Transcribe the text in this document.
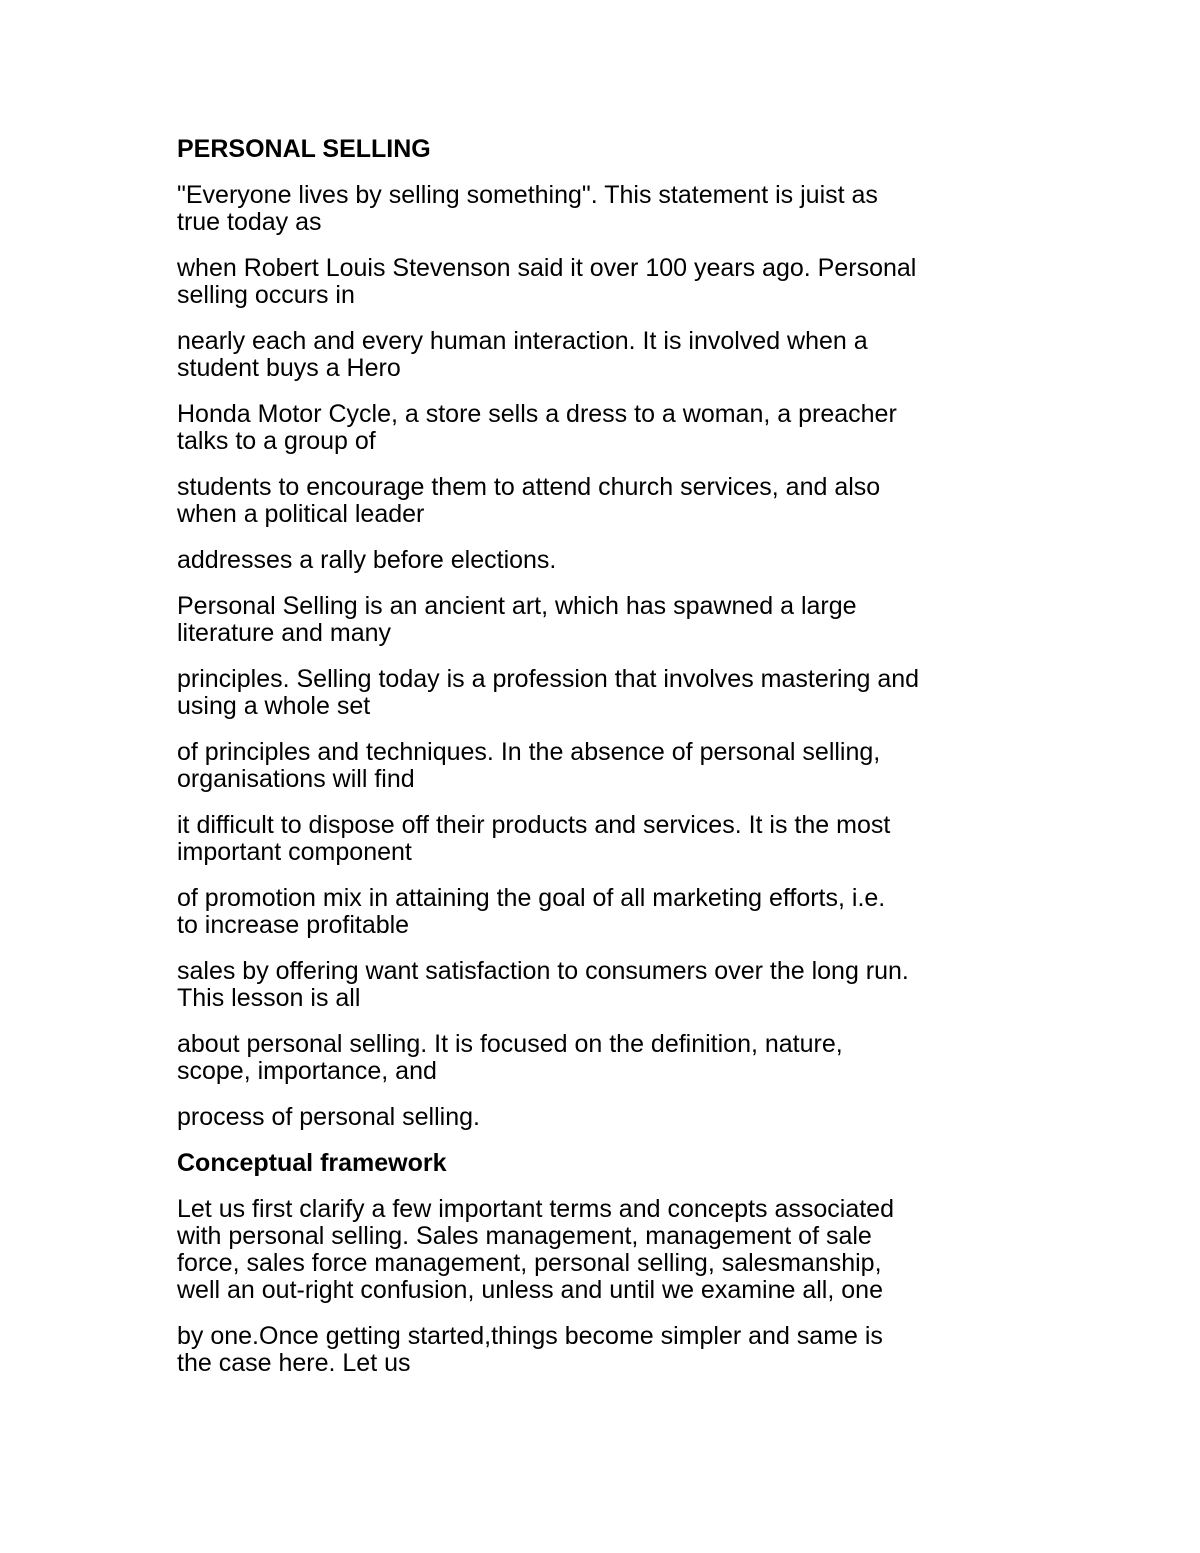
PERSONAL SELLING

"Everyone lives by selling something". This statement is juist as
true today as

when Robert Louis Stevenson said it over 100 years ago. Personal
selling occurs in

nearly each and every human interaction. It is involved when a
student buys a Hero

Honda Motor Cycle, a store sells a dress to a woman, a preacher
talks to a group of

students to encourage them to attend church services, and also
when a political leader

addresses a rally before elections.

Personal Selling is an ancient art, which has spawned a large
literature and many

principles. Selling today is a profession that involves mastering and
using a whole set

of principles and techniques. In the absence of personal selling,
organisations will find

it difficult to dispose off their products and services. It is the most
important component

of promotion mix in attaining the goal of all marketing efforts, i.e.
to increase profitable

sales by offering want satisfaction to consumers over the long run.
This lesson is all

about personal selling. It is focused on the definition, nature,
scope, importance, and

process of personal selling.

Conceptual framework

Let us first clarify a few important terms and concepts associated
with personal selling. Sales management, management of sale
force, sales force management, personal selling, salesmanship,
well an out-right confusion, unless and until we examine all, one

by one.Once getting started,things become simpler and same is
the case here. Let us
